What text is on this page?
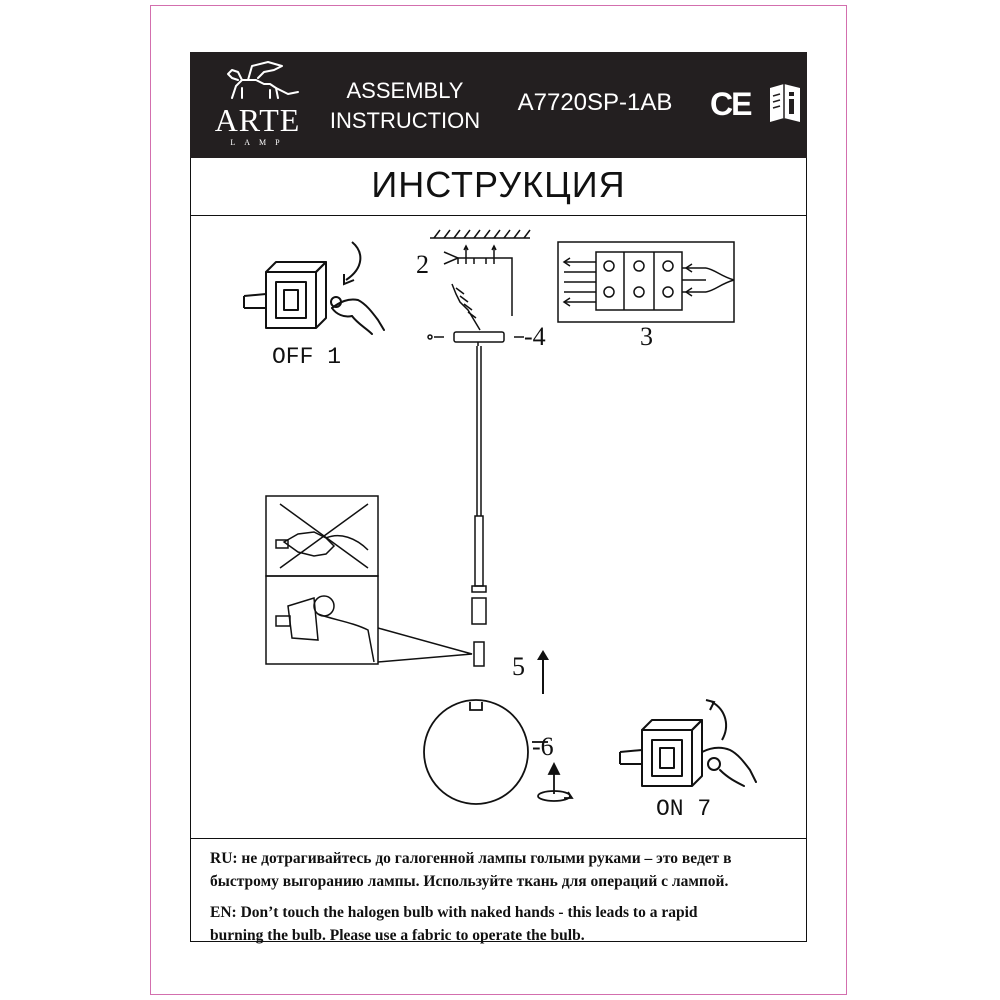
ARTE
LAMP
ASSEMBLY
INSTRUCTION
A7720SP-1AB	CE
ИНСТРУКЦИЯ
OFF 1
2
3
-4
5
-6
ON 7
RU: не дотрагивайтесь до галогенной лампы голыми руками – это ведет в
быстрому выгоранию лампы. Используйте ткань для операций с лампой.
EN: Don’t touch the halogen bulb with naked hands - this leads to a rapid
burning the bulb. Please use a fabric to operate the bulb.
